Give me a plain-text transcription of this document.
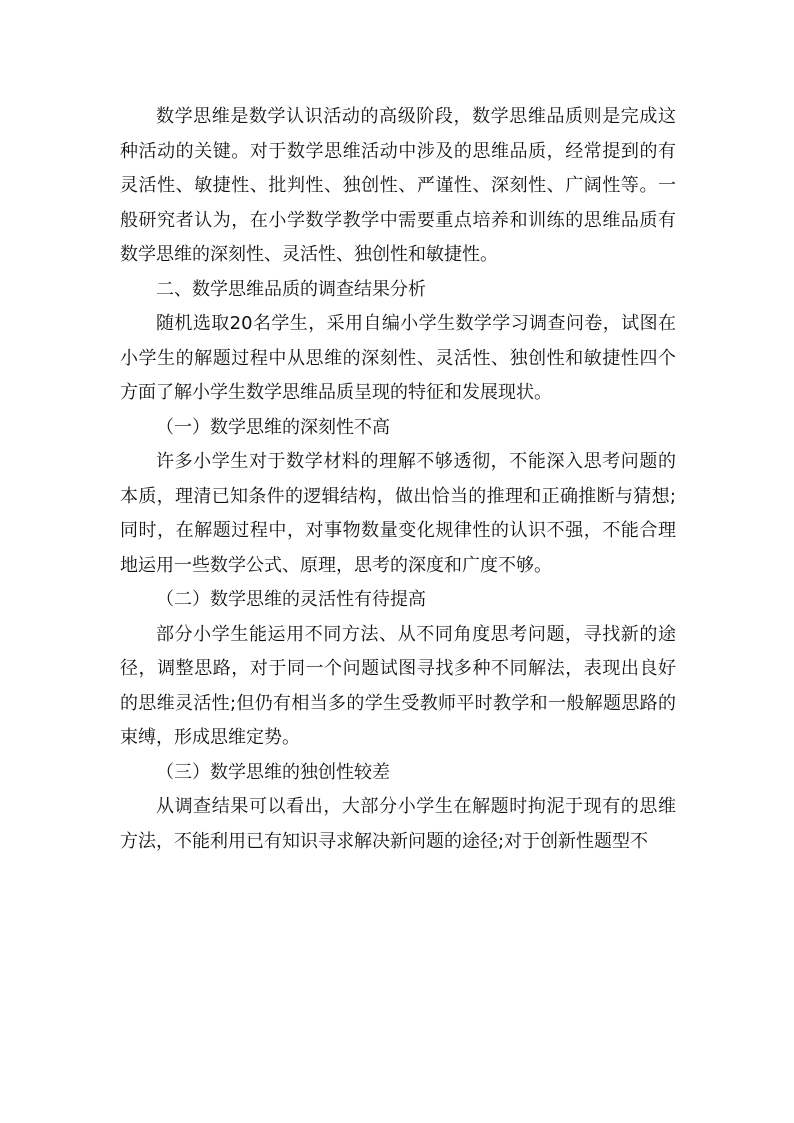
数学思维是数学认识活动的高级阶段，数学思维品质则是完成这种活动的关键。对于数学思维活动中涉及的思维品质，经常提到的有灵活性、敏捷性、批判性、独创性、严谨性、深刻性、广阔性等。一般研究者认为，在小学数学教学中需要重点培养和训练的思维品质有数学思维的深刻性、灵活性、独创性和敏捷性。

二、数学思维品质的调查结果分析

随机选取20名学生，采用自编小学生数学学习调查问卷，试图在小学生的解题过程中从思维的深刻性、灵活性、独创性和敏捷性四个方面了解小学生数学思维品质呈现的特征和发展现状。

（一）数学思维的深刻性不高

许多小学生对于数学材料的理解不够透彻，不能深入思考问题的本质，理清已知条件的逻辑结构，做出恰当的推理和正确推断与猜想;同时，在解题过程中，对事物数量变化规律性的认识不强，不能合理地运用一些数学公式、原理，思考的深度和广度不够。

（二）数学思维的灵活性有待提高

部分小学生能运用不同方法、从不同角度思考问题，寻找新的途径，调整思路，对于同一个问题试图寻找多种不同解法，表现出良好的思维灵活性;但仍有相当多的学生受教师平时教学和一般解题思路的束缚，形成思维定势。

（三）数学思维的独创性较差

从调查结果可以看出，大部分小学生在解题时拘泥于现有的思维方法，不能利用已有知识寻求解决新问题的途径;对于创新性题型不
